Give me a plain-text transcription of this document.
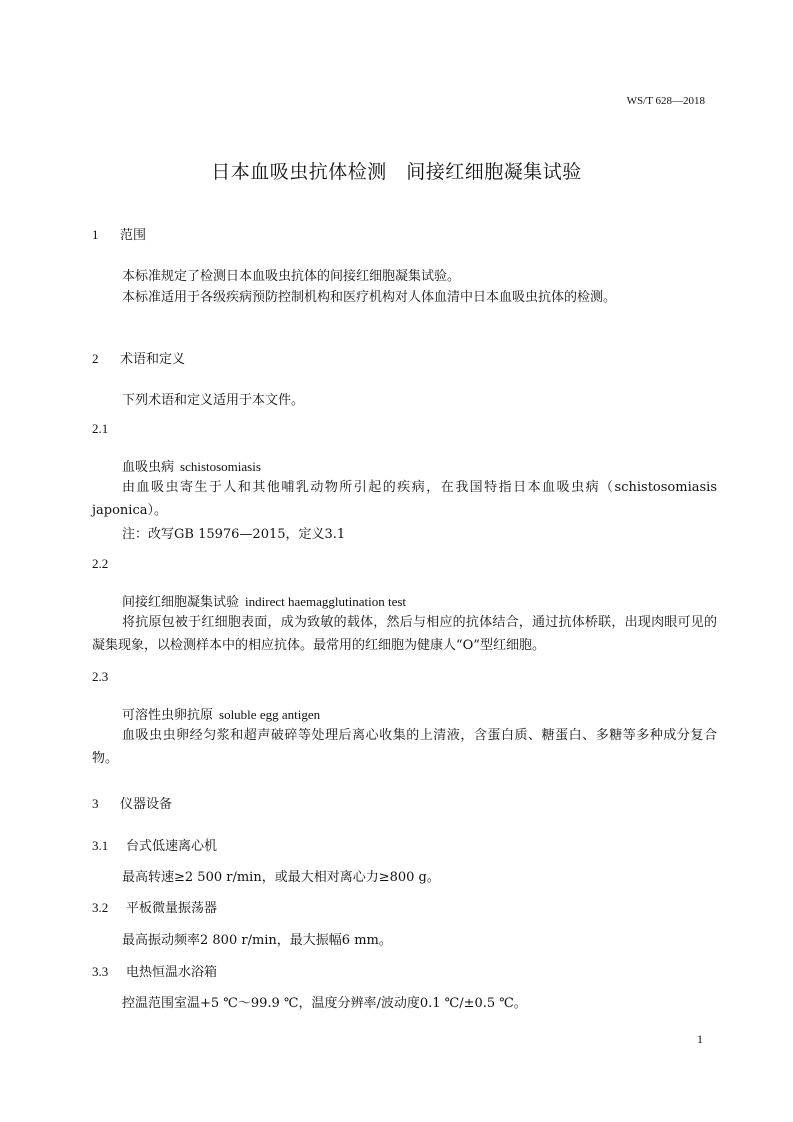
WS/T 628—2018
日本血吸虫抗体检测　间接红细胞凝集试验
1 范围
本标准规定了检测日本血吸虫抗体的间接红细胞凝集试验。
本标准适用于各级疾病预防控制机构和医疗机构对人体血清中日本血吸虫抗体的检测。
2 术语和定义
下列术语和定义适用于本文件。
2.1
血吸虫病 schistosomiasis
由血吸虫寄生于人和其他哺乳动物所引起的疾病，在我国特指日本血吸虫病（schistosomiasis japonica）。
注：改写GB 15976—2015，定义3.1
2.2
间接红细胞凝集试验 indirect haemagglutination test
将抗原包被于红细胞表面，成为致敏的载体，然后与相应的抗体结合，通过抗体桥联，出现肉眼可见的凝集现象，以检测样本中的相应抗体。最常用的红细胞为健康人“O”型红细胞。
2.3
可溶性虫卵抗原 soluble egg antigen
血吸虫虫卵经匀浆和超声破碎等处理后离心收集的上清液，含蛋白质、糖蛋白、多糖等多种成分复合物。
3 仪器设备
3.1 台式低速离心机
最高转速≥2 500 r/min，或最大相对离心力≥800 g。
3.2 平板微量振荡器
最高振动频率2 800 r/min，最大振幅6 mm。
3.3 电热恒温水浴箱
控温范围室温+5 ℃～99.9 ℃，温度分辨率/波动度0.1 ℃/±0.5 ℃。
1
